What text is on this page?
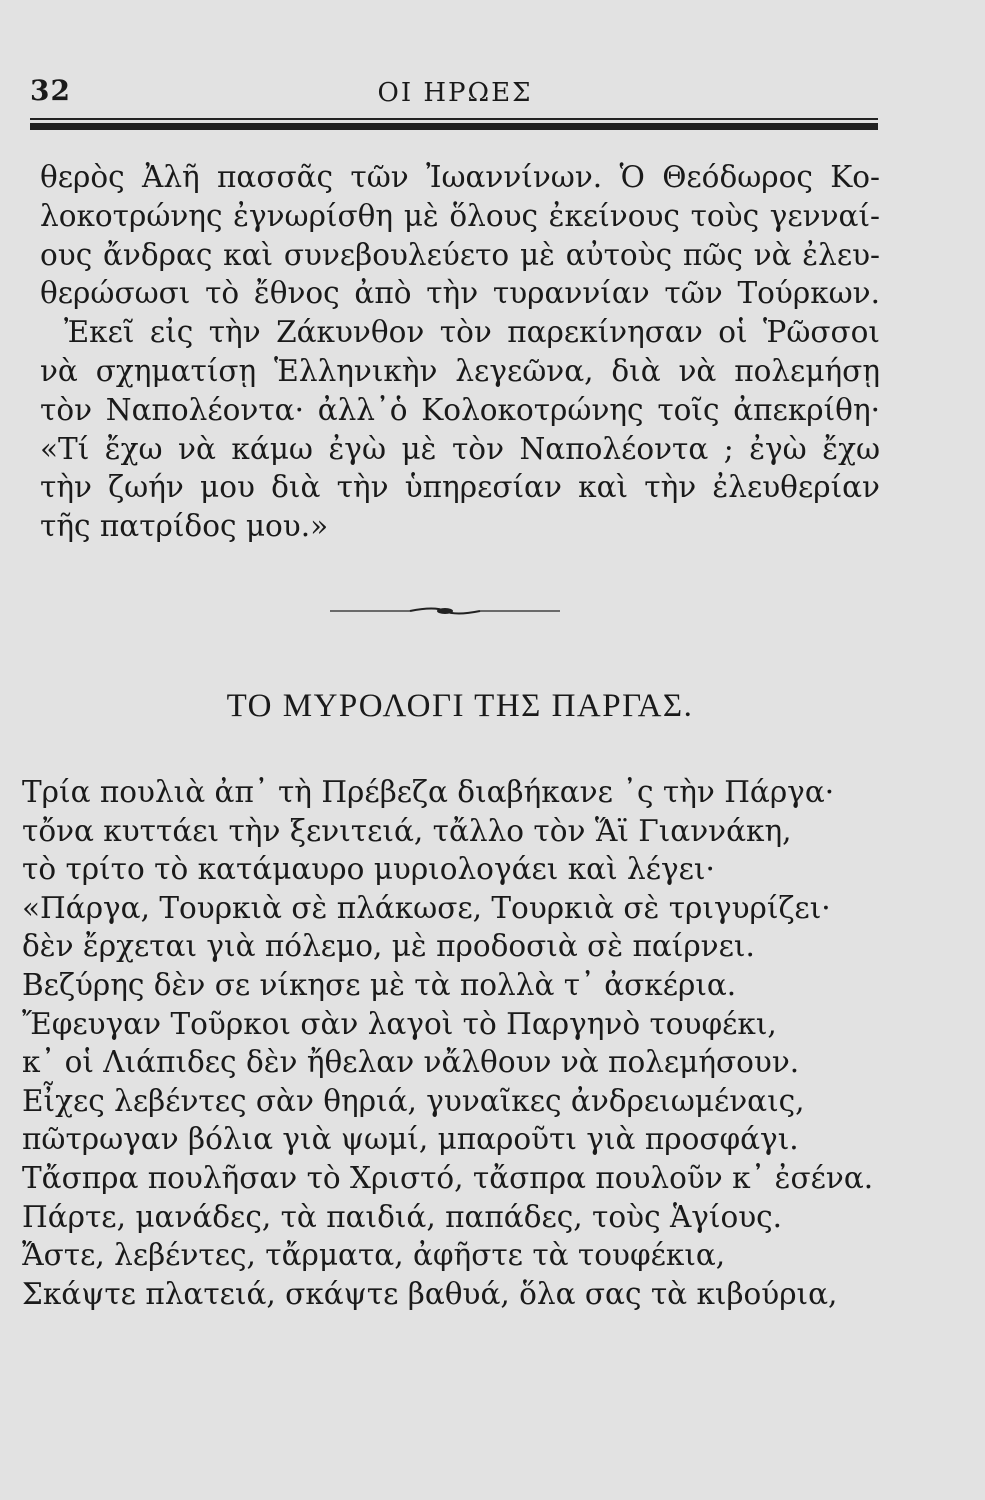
32	ΟΙ ΗΡΩΕΣ
θερὸς Ἀλῆ πασσᾶς τῶν Ἰωαννίνων. Ὁ Θεόδωρος Κο-
λοκοτρώνης ἐγνωρίσθη μὲ ὅλους ἐκείνους τοὺς γενναί-
ους ἄνδρας καὶ συνεβουλεύετο μὲ αὐτοὺς πῶς νὰ ἐλευ-
θερώσωσι τὸ ἔθνος ἀπὸ τὴν τυραννίαν τῶν Τούρκων.
Ἐκεῖ εἰς τὴν Ζάκυνθον τὸν παρεκίνησαν οἱ Ῥῶσσοι
νὰ σχηματίσῃ Ἑλληνικὴν λεγεῶνα, διὰ νὰ πολεμήσῃ
τὸν Ναπολέοντα· ἀλλ᾽ὁ Κολοκοτρώνης τοῖς ἀπεκρίθη·
«Τί ἔχω νὰ κάμω ἐγὼ μὲ τὸν Ναπολέοντα ; ἐγὼ ἔχω
τὴν ζωήν μου διὰ τὴν ὑπηρεσίαν καὶ τὴν ἐλευθερίαν
τῆς πατρίδος μου.»
ΤΟ ΜΥΡΟΛΟΓΙ ΤΗΣ ΠΑΡΓΑΣ.
Τρία πουλιὰ ἀπ᾽ τὴ Πρέβεζα διαβήκανε ᾽ς τὴν Πάργα·
τὄνα κυττάει τὴν ξενιτειά, τἄλλο τὸν Ἅϊ Γιαννάκη,
τὸ τρίτο τὸ κατάμαυρο μυριολογάει καὶ λέγει·
«Πάργα, Τουρκιὰ σὲ πλάκωσε, Τουρκιὰ σὲ τριγυρίζει·
δὲν ἔρχεται γιὰ πόλεμο, μὲ προδοσιὰ σὲ παίρνει.
Βεζύρης δὲν σε νίκησε μὲ τὰ πολλὰ τ᾽ ἀσκέρια.
Ἔφευγαν Τοῦρκοι σὰν λαγοὶ τὸ Παργηνὸ τουφέκι,
κ᾽ οἱ Λιάπιδες δὲν ἤθελαν νἄλθουν νὰ πολεμήσουν.
Εἶχες λεβέντες σὰν θηριά, γυναῖκες ἀνδρειωμέναις,
πῶτρωγαν βόλια γιὰ ψωμί, μπαροῦτι γιὰ προσφάγι.
Τἄσπρα πουλῆσαν τὸ Χριστό, τἄσπρα πουλοῦν κ᾽ ἐσένα.
Πάρτε, μανάδες, τὰ παιδιά, παπάδες, τοὺς Ἁγίους.
Ἄστε, λεβέντες, τἄρματα, ἀφῆστε τὰ τουφέκια,
Σκάψτε πλατειά, σκάψτε βαθυά, ὅλα σας τὰ κιβούρια,
